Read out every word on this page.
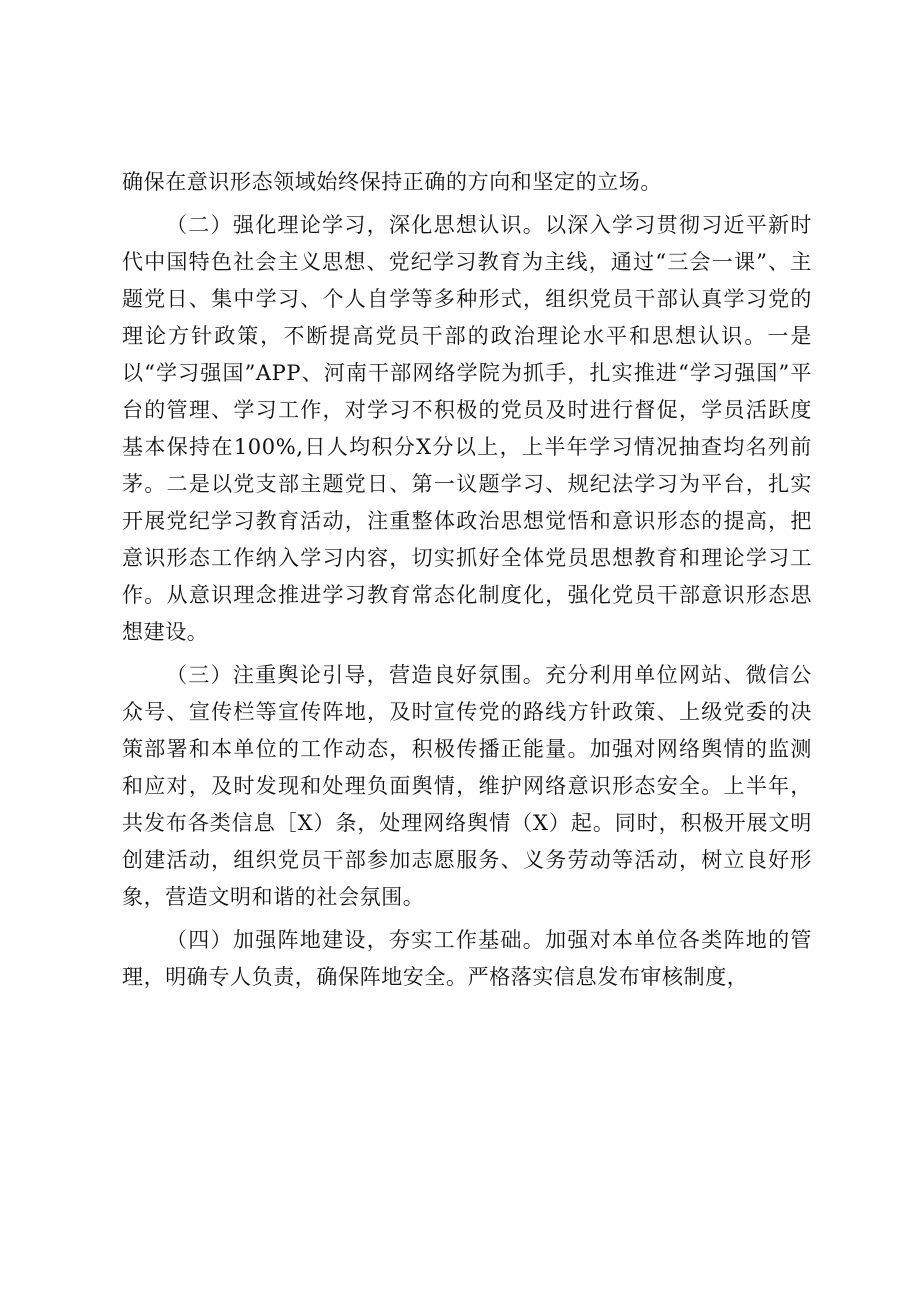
确保在意识形态领域始终保持正确的方向和坚定的立场。

（二）强化理论学习，深化思想认识。以深入学习贯彻习近平新时代中国特色社会主义思想、党纪学习教育为主线，通过“三会一课”、主题党日、集中学习、个人自学等多种形式，组织党员干部认真学习党的理论方针政策，不断提高党员干部的政治理论水平和思想认识。一是以“学习强国”APP、河南干部网络学院为抓手，扎实推进“学习强国”平台的管理、学习工作，对学习不积极的党员及时进行督促，学员活跃度基本保持在100%,日人均积分X分以上，上半年学习情况抽查均名列前茅。二是以党支部主题党日、第一议题学习、规纪法学习为平台，扎实开展党纪学习教育活动，注重整体政治思想觉悟和意识形态的提高，把意识形态工作纳入学习内容，切实抓好全体党员思想教育和理论学习工作。从意识理念推进学习教育常态化制度化，强化党员干部意识形态思想建设。

（三）注重舆论引导，营造良好氛围。充分利用单位网站、微信公众号、宣传栏等宣传阵地，及时宣传党的路线方针政策、上级党委的决策部署和本单位的工作动态，积极传播正能量。加强对网络舆情的监测和应对，及时发现和处理负面舆情，维护网络意识形态安全。上半年，共发布各类信息［X）条，处理网络舆情（X）起。同时，积极开展文明创建活动，组织党员干部参加志愿服务、义务劳动等活动，树立良好形象，营造文明和谐的社会氛围。

（四）加强阵地建设，夯实工作基础。加强对本单位各类阵地的管理，明确专人负责，确保阵地安全。严格落实信息发布审核制度，
